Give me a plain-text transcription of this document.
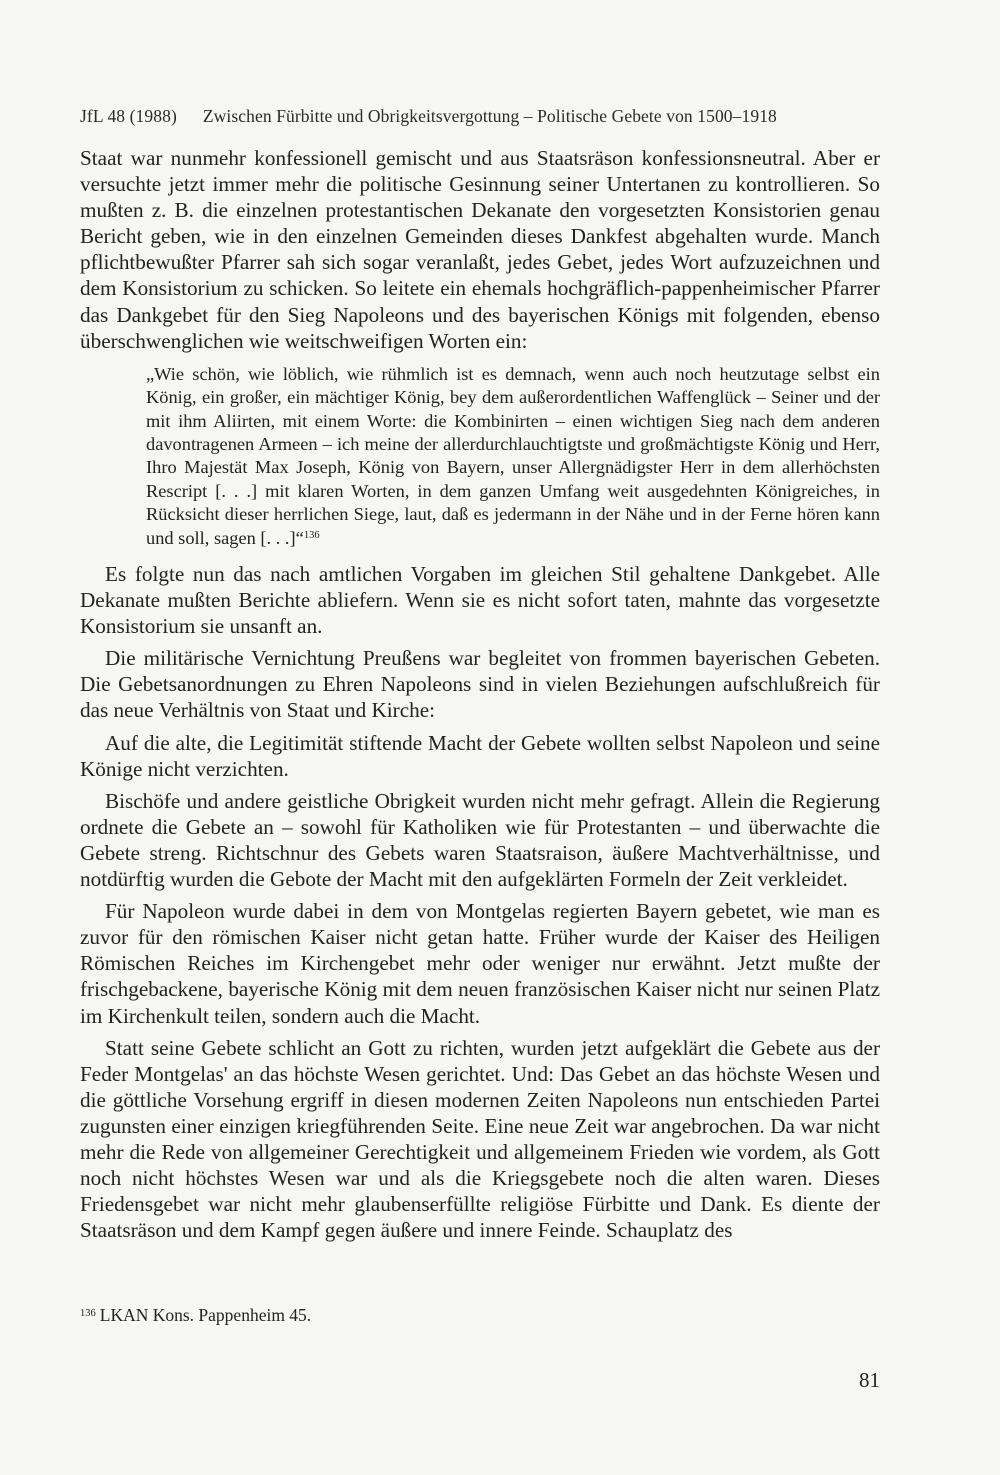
JfL 48 (1988) Zwischen Fürbitte und Obrigkeitsvergottung – Politische Gebete von 1500–1918

Staat war nunmehr konfessionell gemischt und aus Staatsräson konfessionsneutral. Aber er versuchte jetzt immer mehr die politische Gesinnung seiner Untertanen zu kontrollieren. So mußten z. B. die einzelnen protestantischen Dekanate den vorgesetzten Konsistorien genau Bericht geben, wie in den einzelnen Gemeinden dieses Dankfest abgehalten wurde. Manch pflichtbewußter Pfarrer sah sich sogar veranlaßt, jedes Gebet, jedes Wort aufzuzeichnen und dem Konsistorium zu schicken. So leitete ein ehemals hochgräflich-pappenheimischer Pfarrer das Dankgebet für den Sieg Napoleons und des bayerischen Königs mit folgenden, ebenso überschwenglichen wie weitschweifigen Worten ein:

„Wie schön, wie löblich, wie rühmlich ist es demnach, wenn auch noch heutzutage selbst ein König, ein großer, ein mächtiger König, bey dem außerordentlichen Waffenglück – Seiner und der mit ihm Aliirten, mit einem Worte: die Kombinirten – einen wichtigen Sieg nach dem anderen davontragenen Armeen – ich meine der allerdurchlauchtigtste und großmächtigste König und Herr, Ihro Majestät Max Joseph, König von Bayern, unser Allergnädigster Herr in dem allerhöchsten Rescript [. . .] mit klaren Worten, in dem ganzen Umfang weit ausgedehnten Königreiches, in Rücksicht dieser herrlichen Siege, laut, daß es jedermann in der Nähe und in der Ferne hören kann und soll, sagen [. . .]“$^{136}$

Es folgte nun das nach amtlichen Vorgaben im gleichen Stil gehaltene Dankgebet. Alle Dekanate mußten Berichte abliefern. Wenn sie es nicht sofort taten, mahnte das vorgesetzte Konsistorium sie unsanft an.

Die militärische Vernichtung Preußens war begleitet von frommen bayerischen Gebeten. Die Gebetsanordnungen zu Ehren Napoleons sind in vielen Beziehungen aufschlußreich für das neue Verhältnis von Staat und Kirche:

Auf die alte, die Legitimität stiftende Macht der Gebete wollten selbst Napoleon und seine Könige nicht verzichten.

Bischöfe und andere geistliche Obrigkeit wurden nicht mehr gefragt. Allein die Regierung ordnete die Gebete an – sowohl für Katholiken wie für Protestanten – und überwachte die Gebete streng. Richtschnur des Gebets waren Staatsraison, äußere Machtverhältnisse, und notdürftig wurden die Gebote der Macht mit den aufgeklärten Formeln der Zeit verkleidet.

Für Napoleon wurde dabei in dem von Montgelas regierten Bayern gebetet, wie man es zuvor für den römischen Kaiser nicht getan hatte. Früher wurde der Kaiser des Heiligen Römischen Reiches im Kirchengebet mehr oder weniger nur erwähnt. Jetzt mußte der frischgebackene, bayerische König mit dem neuen französischen Kaiser nicht nur seinen Platz im Kirchenkult teilen, sondern auch die Macht.

Statt seine Gebete schlicht an Gott zu richten, wurden jetzt aufgeklärt die Gebete aus der Feder Montgelas' an das höchste Wesen gerichtet. Und: Das Gebet an das höchste Wesen und die göttliche Vorsehung ergriff in diesen modernen Zeiten Napoleons nun entschieden Partei zugunsten einer einzigen kriegführenden Seite. Eine neue Zeit war angebrochen. Da war nicht mehr die Rede von allgemeiner Gerechtigkeit und allgemeinem Frieden wie vordem, als Gott noch nicht höchstes Wesen war und als die Kriegsgebete noch die alten waren. Dieses Friedensgebet war nicht mehr glaubenserfüllte religiöse Fürbitte und Dank. Es diente der Staatsräson und dem Kampf gegen äußere und innere Feinde. Schauplatz des

$^{136}$ LKAN Kons. Pappenheim 45.
81
